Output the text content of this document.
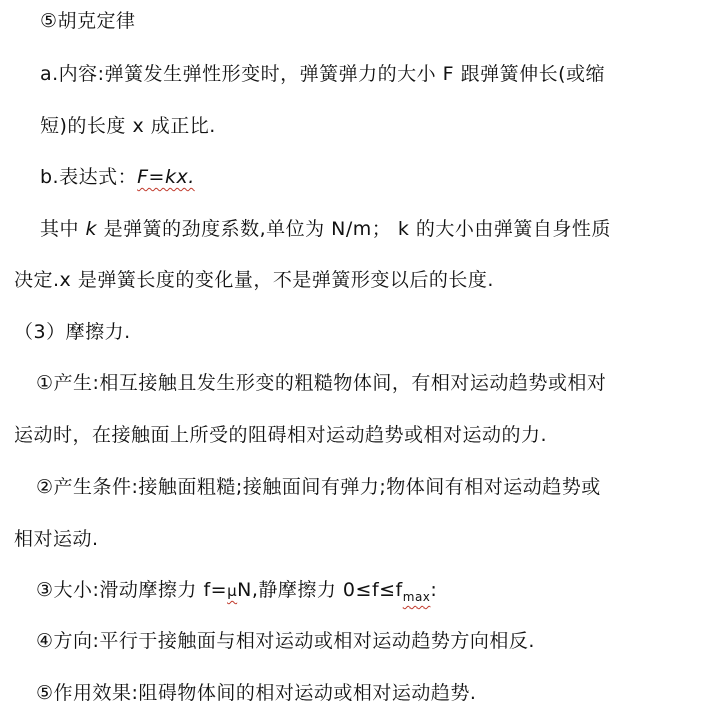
⑤胡克定律
a.内容:弹簧发生弹性形变时，弹簧弹力的大小 F 跟弹簧伸长(或缩
短)的长度 x 成正比.
b.表达式：F=kx.
其中 k 是弹簧的劲度系数,单位为 N/m； k 的大小由弹簧自身性质
决定.x 是弹簧长度的变化量，不是弹簧形变以后的长度.
（3）摩擦力.
①产生:相互接触且发生形变的粗糙物体间，有相对运动趋势或相对
运动时，在接触面上所受的阻碍相对运动趋势或相对运动的力.
②产生条件:接触面粗糙;接触面间有弹力;物体间有相对运动趋势或
相对运动.
③大小:滑动摩擦力 f=μN,静摩擦力 $0\le f\le f_{max}$:
④方向:平行于接触面与相对运动或相对运动趋势方向相反.
⑤作用效果:阻碍物体间的相对运动或相对运动趋势.
